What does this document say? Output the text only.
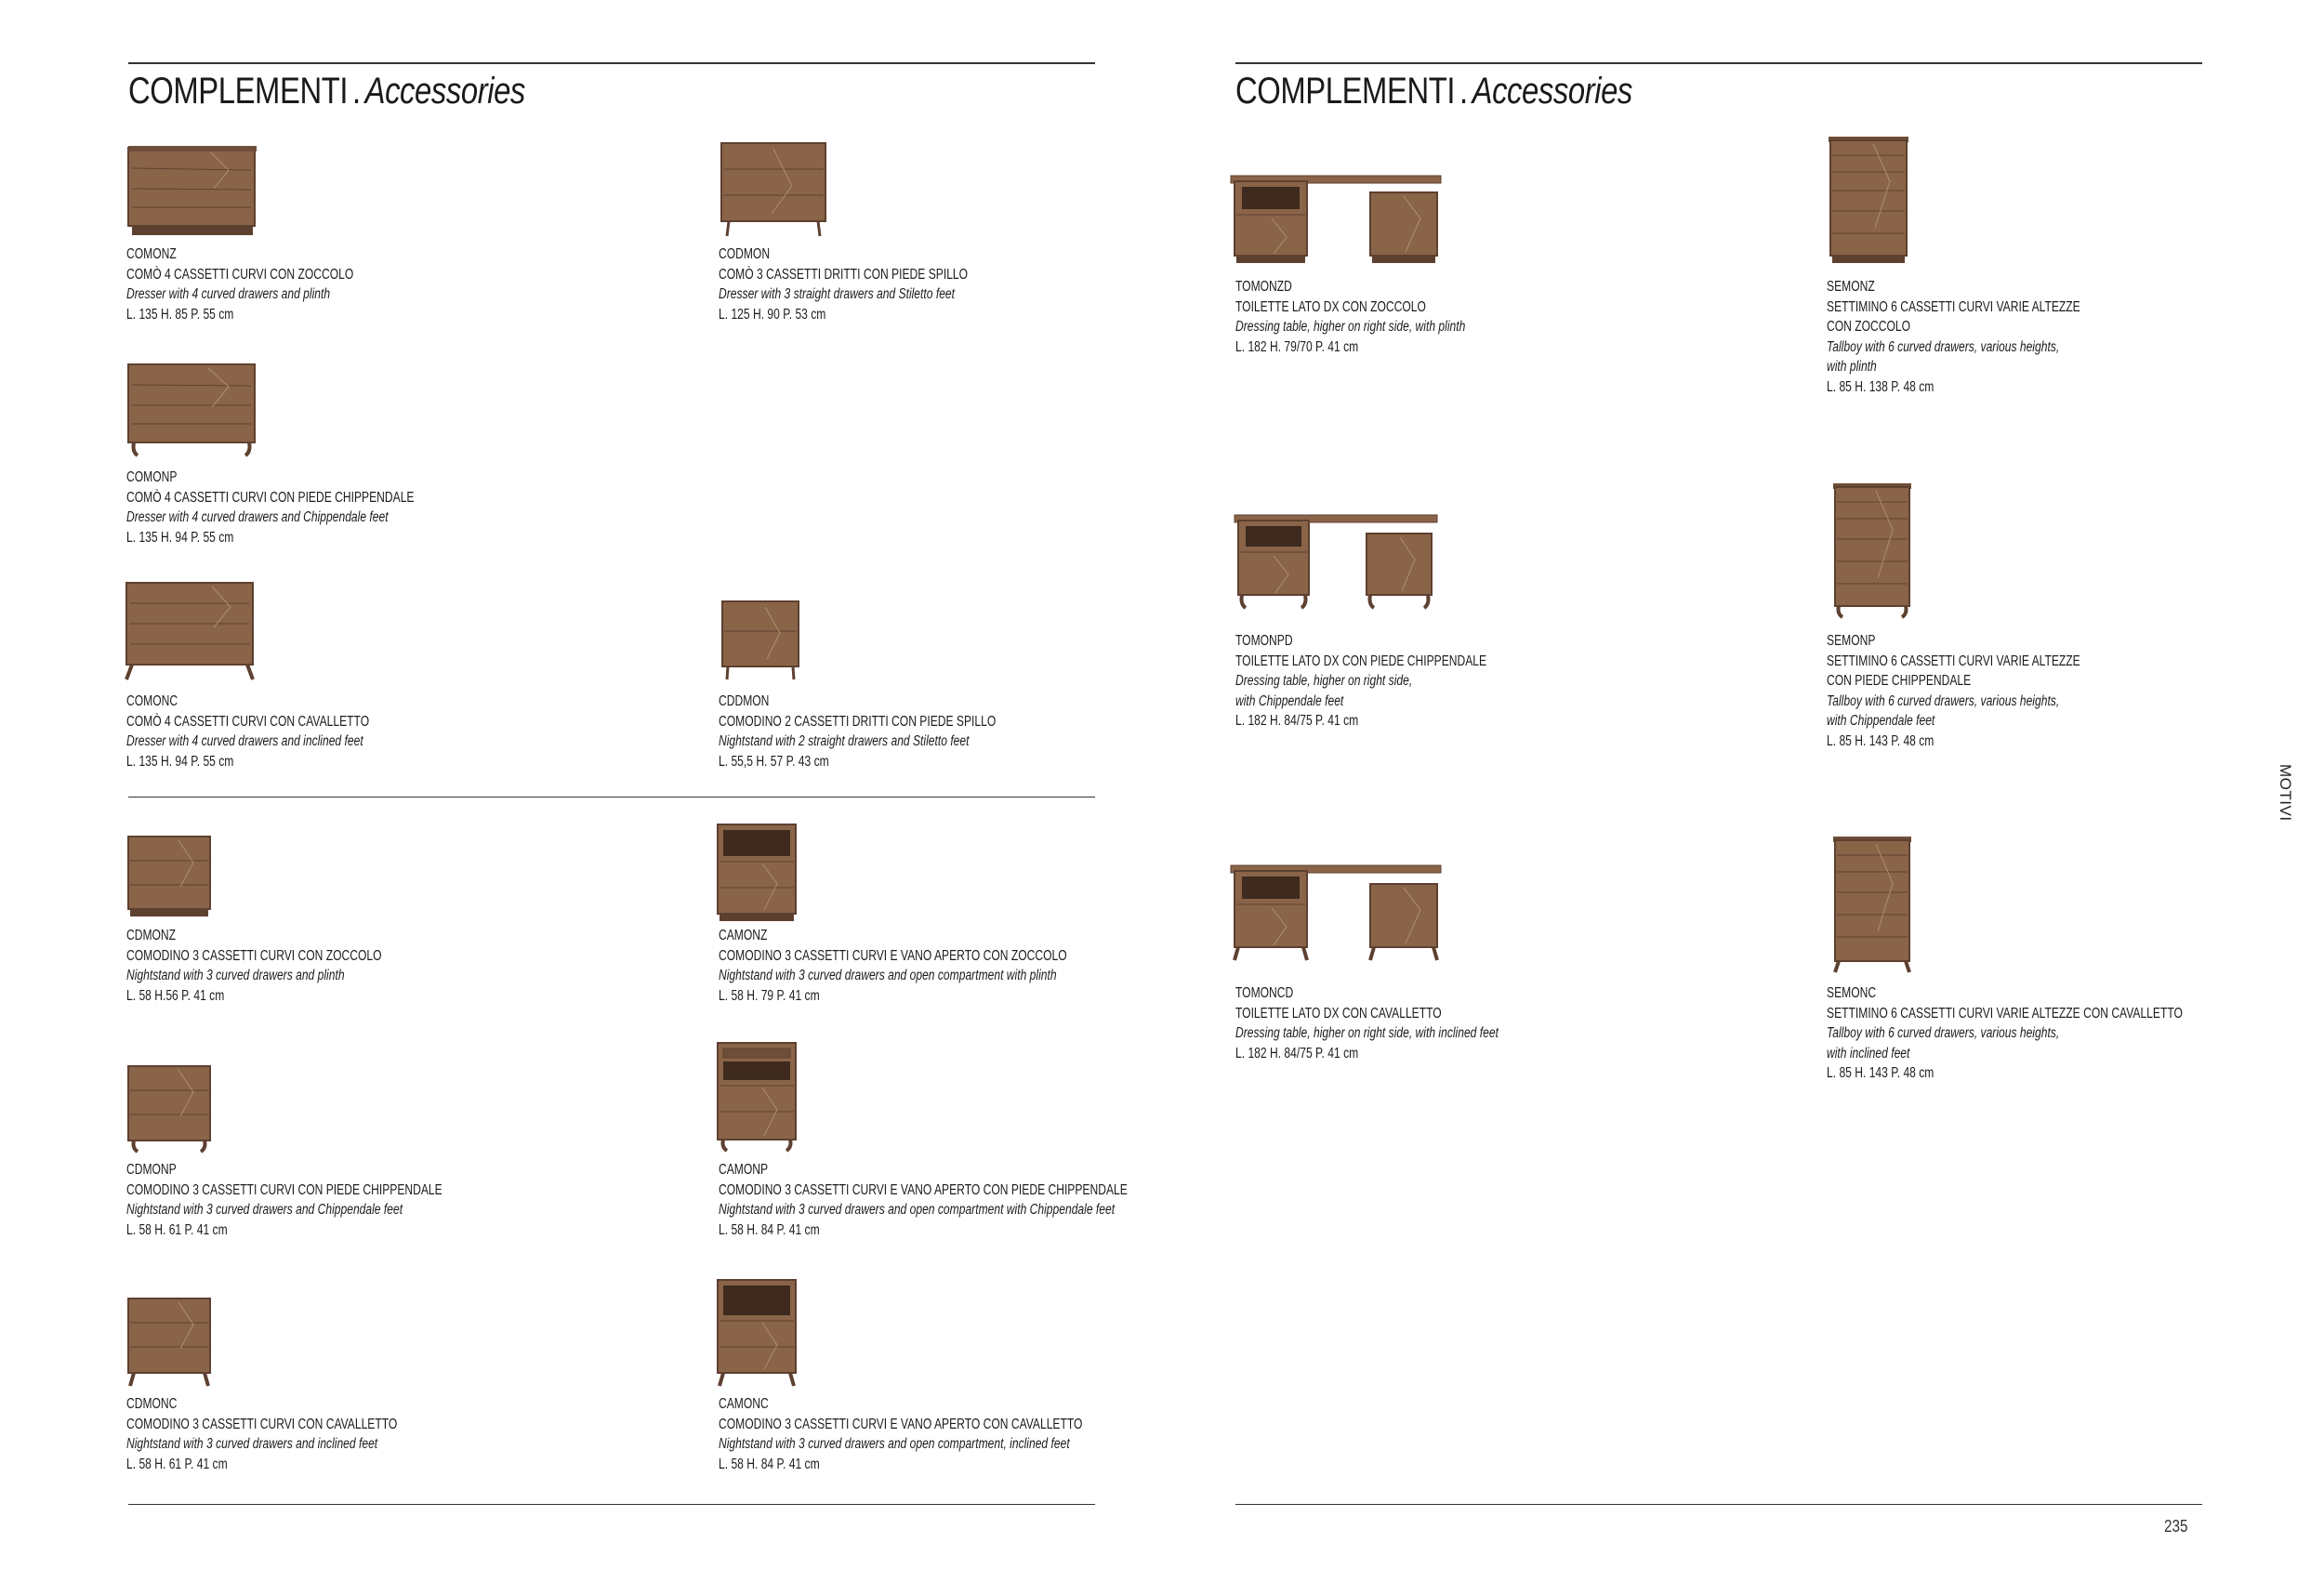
COMPLEMENTI . Accessories
COMONZ
COMÒ 4 CASSETTI CURVI CON ZOCCOLO
Dresser with 4 curved drawers and plinth
L. 135 H. 85 P. 55 cm
CODMON
COMÒ 3 CASSETTI DRITTI CON PIEDE SPILLO
Dresser with 3 straight drawers and Stiletto feet
L. 125 H. 90 P. 53 cm
COMONP
COMÒ 4 CASSETTI CURVI CON PIEDE CHIPPENDALE
Dresser with 4 curved drawers and Chippendale feet
L. 135 H. 94 P. 55 cm
COMONC
COMÒ 4 CASSETTI CURVI CON CAVALLETTO
Dresser with 4 curved drawers and inclined feet
L. 135 H. 94 P. 55 cm
CDDMON
COMODINO 2 CASSETTI DRITTI CON PIEDE SPILLO
Nightstand with 2 straight drawers and Stiletto feet
L. 55,5 H. 57 P. 43 cm
CDMONZ
COMODINO 3 CASSETTI CURVI CON ZOCCOLO
Nightstand with 3 curved drawers and plinth
L. 58 H.56 P. 41 cm
CAMONZ
COMODINO 3 CASSETTI CURVI E VANO APERTO CON ZOCCOLO
Nightstand with 3 curved drawers and open compartment with plinth
L. 58 H. 79 P. 41 cm
CDMONP
COMODINO 3 CASSETTI CURVI CON PIEDE CHIPPENDALE
Nightstand with 3 curved drawers and Chippendale feet
L. 58 H. 61 P. 41 cm
CAMONP
COMODINO 3 CASSETTI CURVI E VANO APERTO CON PIEDE CHIPPENDALE
Nightstand with 3 curved drawers and open compartment with Chippendale feet
L. 58 H. 84 P. 41 cm
CDMONC
COMODINO 3 CASSETTI CURVI CON CAVALLETTO
Nightstand with 3 curved drawers and inclined feet
L. 58 H. 61 P. 41 cm
CAMONC
COMODINO 3 CASSETTI CURVI E VANO APERTO CON CAVALLETTO
Nightstand with 3 curved drawers and open compartment, inclined feet
L. 58 H. 84 P. 41 cm
COMPLEMENTI . Accessories
TOMONZD
TOILETTE LATO DX CON ZOCCOLO
Dressing table, higher on right side, with plinth
L. 182 H. 79/70 P. 41 cm
SEMONZ
SETTIMINO 6 CASSETTI CURVI VARIE ALTEZZE
CON ZOCCOLO
Tallboy with 6 curved drawers, various heights,
with plinth
L. 85 H. 138 P. 48 cm
TOMONPD
TOILETTE LATO DX CON PIEDE CHIPPENDALE
Dressing table, higher on right side,
with Chippendale feet
L. 182 H. 84/75 P. 41 cm
SEMONP
SETTIMINO 6 CASSETTI CURVI VARIE ALTEZZE
CON PIEDE CHIPPENDALE
Tallboy with 6 curved drawers, various heights,
with Chippendale feet
L. 85 H. 143 P. 48 cm
TOMONCD
TOILETTE LATO DX CON CAVALLETTO
Dressing table, higher on right side, with inclined feet
L. 182 H. 84/75 P. 41 cm
SEMONC
SETTIMINO 6 CASSETTI CURVI VARIE ALTEZZE CON CAVALLETTO
Tallboy with 6 curved drawers, various heights,
with inclined feet
L. 85 H. 143 P. 48 cm
MOTIVI
235
